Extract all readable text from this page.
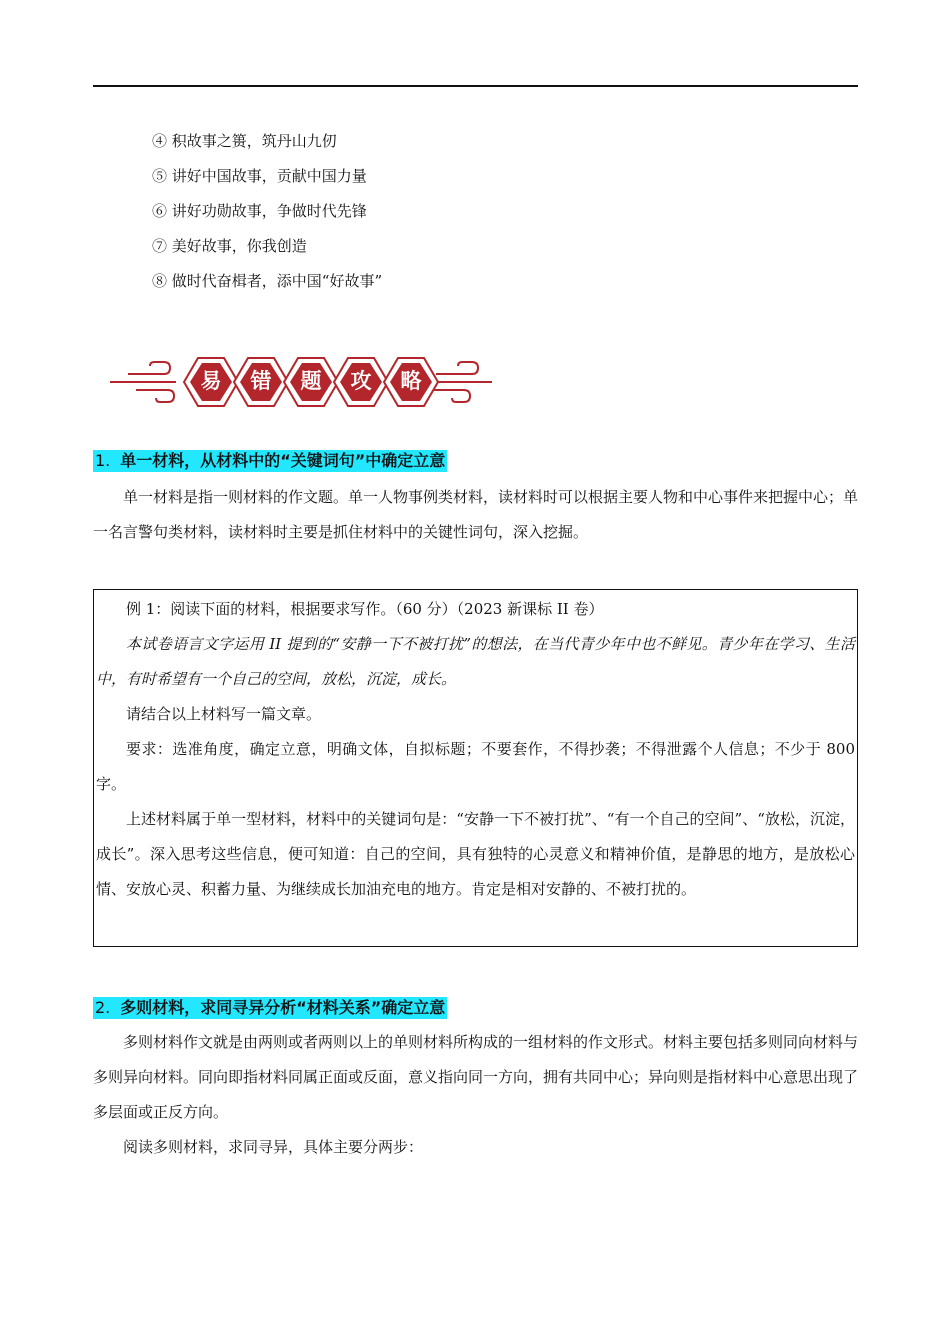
④ 积故事之篑，筑丹山九仞
⑤ 讲好中国故事，贡献中国力量
⑥ 讲好功勋故事，争做时代先锋
⑦ 美好故事，你我创造
⑧ 做时代奋楫者，添中国“好故事”
易	错	题	攻	略
1. 单一材料，从材料中的“关键词句”中确定立意
单一材料是指一则材料的作文题。单一人物事例类材料，读材料时可以根据主要人物和中心事件来把握中心；单一名言警句类材料，读材料时主要是抓住材料中的关键性词句，深入挖掘。
例 1：阅读下面的材料，根据要求写作。（60 分）（2023 新课标 II 卷）
本试卷语言文字运用 II 提到的“安静一下不被打扰”的想法，在当代青少年中也不鲜见。青少年在学习、生活中，有时希望有一个自己的空间，放松，沉淀，成长。
请结合以上材料写一篇文章。
要求：选准角度，确定立意，明确文体，自拟标题；不要套作，不得抄袭；不得泄露个人信息；不少于 800 字。
上述材料属于单一型材料，材料中的关键词句是：“安静一下不被打扰”、“有一个自己的空间”、“放松，沉淀，成长”。深入思考这些信息，便可知道：自己的空间，具有独特的心灵意义和精神价值，是静思的地方，是放松心情、安放心灵、积蓄力量、为继续成长加油充电的地方。肯定是相对安静的、不被打扰的。
2. 多则材料，求同寻异分析“材料关系”确定立意
多则材料作文就是由两则或者两则以上的单则材料所构成的一组材料的作文形式。材料主要包括多则同向材料与多则异向材料。同向即指材料同属正面或反面，意义指向同一方向，拥有共同中心；异向则是指材料中心意思出现了多层面或正反方向。
阅读多则材料，求同寻异，具体主要分两步：
